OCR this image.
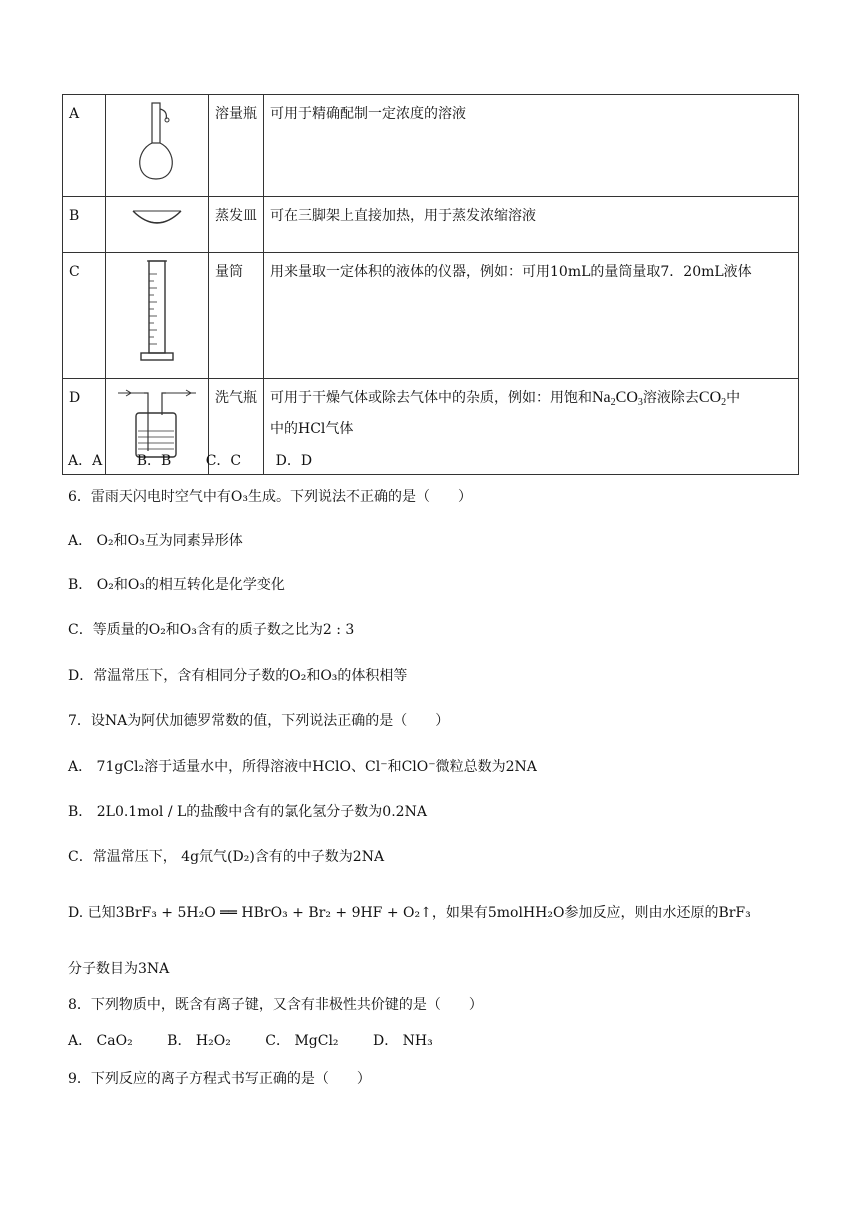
A		溶量瓶	可用于精确配制一定浓度的溶液
B		蒸发皿	可在三脚架上直接加热，用于蒸发浓缩溶液
C		量筒	用来量取一定体积的液体的仪器，例如：可用10mL的量筒量取7．20mL液体
D		洗气瓶	可用于干燥气体或除去气体中的杂质，例如：用饱和$Na_2CO_3$溶液除去$CO_2$中
中的HCl气体
A．A B．B C．C D．D
6．雷雨天闪电时空气中有O₃生成。下列说法不正确的是（　　）
A． O₂和O₃互为同素异形体
B． O₂和O₃的相互转化是化学变化
C．等质量的O₂和O₃含有的质子数之比为2 : 3
D．常温常压下，含有相同分子数的O₂和O₃的体积相等
7．设NA为阿伏加德罗常数的值，下列说法正确的是（　　）
A． 71gCl₂溶于适量水中，所得溶液中HClO、Cl⁻和ClO⁻微粒总数为2NA
B． 2L0.1mol / L的盐酸中含有的氯化氢分子数为0.2NA
C．常温常压下， 4g氘气(D₂)含有的中子数为2NA
D. 已知3BrF₃ + 5H₂O ══ HBrO₃ + Br₂ + 9HF + O₂↑，如果有5molHH₂O参加反应，则由水还原的BrF₃
分子数目为3NA
8．下列物质中，既含有离子键，又含有非极性共价键的是（　　）
A． CaO₂ B． H₂O₂ C． MgCl₂ D． NH₃
9．下列反应的离子方程式书写正确的是（　　）
